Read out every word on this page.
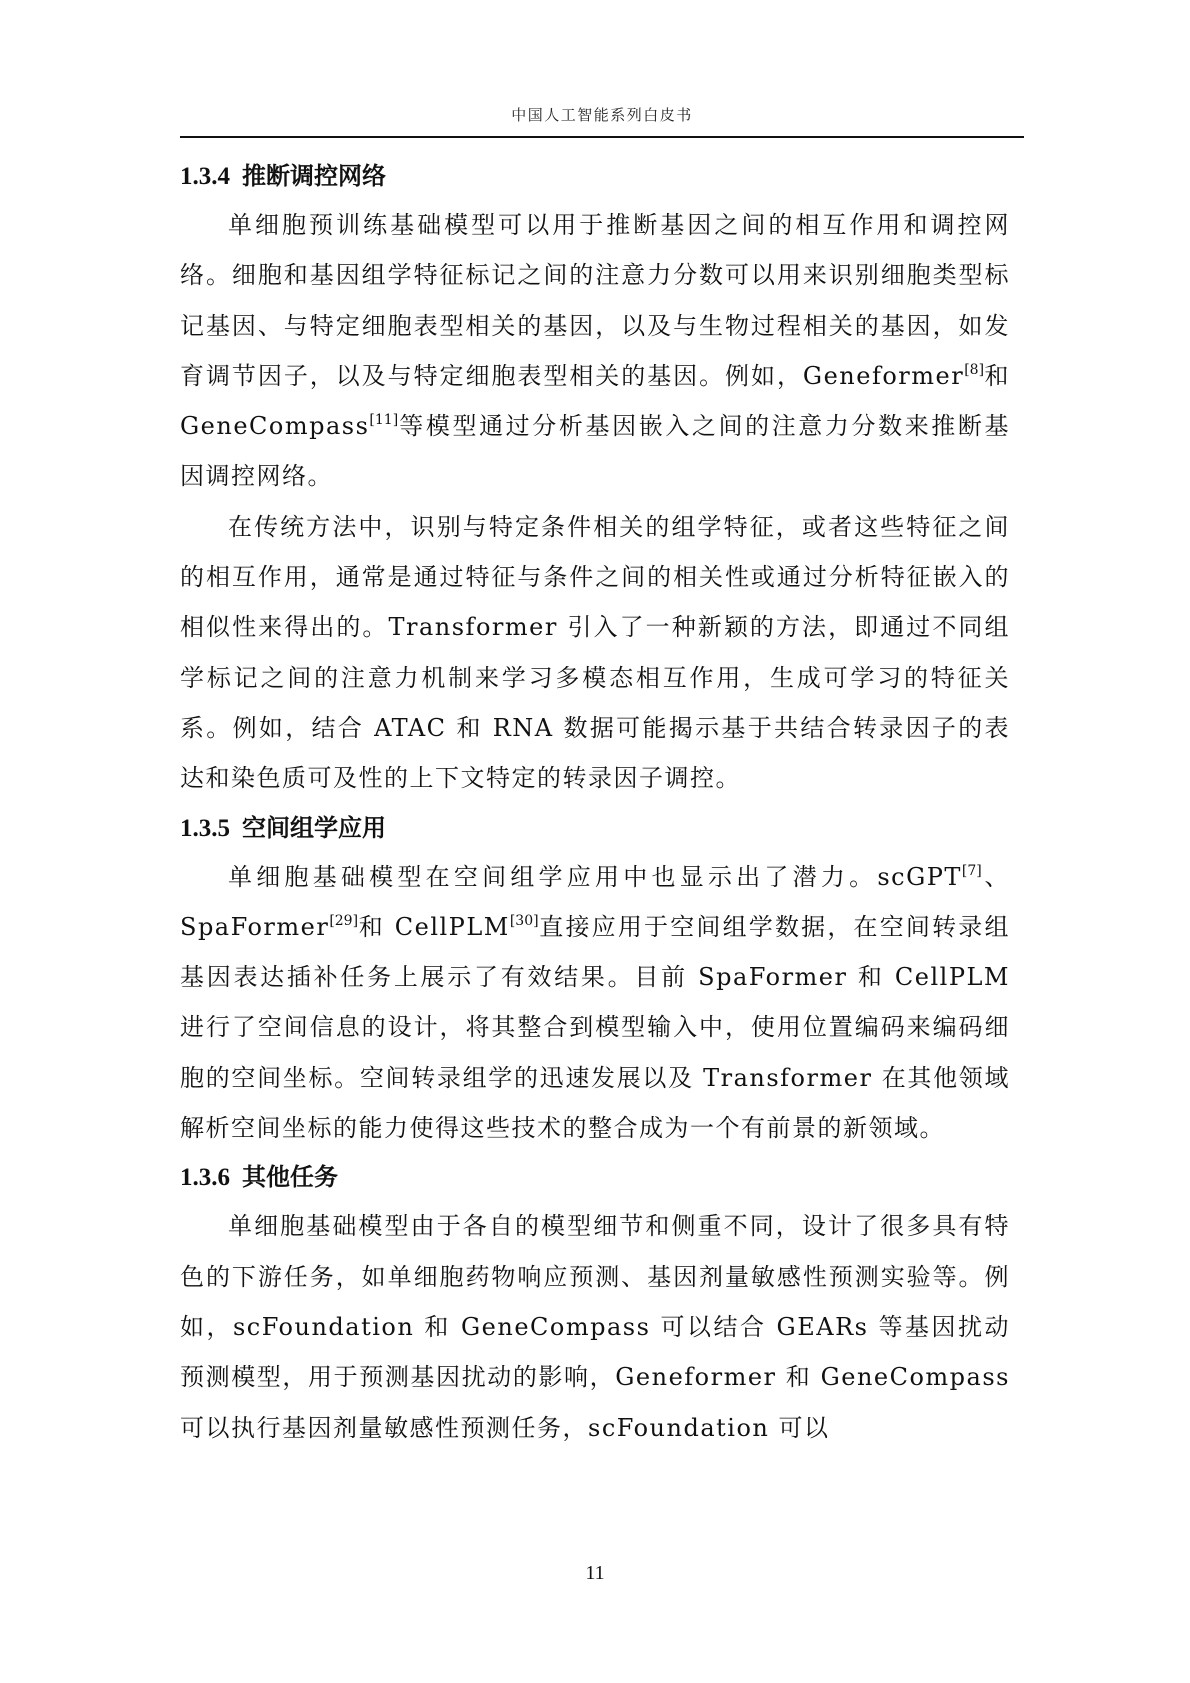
中国人工智能系列白皮书
1.3.4 推断调控网络

单细胞预训练基础模型可以用于推断基因之间的相互作用和调控网络。细胞和基因组学特征标记之间的注意力分数可以用来识别细胞类型标记基因、与特定细胞表型相关的基因，以及与生物过程相关的基因，如发育调节因子，以及与特定细胞表型相关的基因。例如，Geneformer[8]和 GeneCompass[11]等模型通过分析基因嵌入之间的注意力分数来推断基因调控网络。

在传统方法中，识别与特定条件相关的组学特征，或者这些特征之间的相互作用，通常是通过特征与条件之间的相关性或通过分析特征嵌入的相似性来得出的。Transformer 引入了一种新颖的方法，即通过不同组学标记之间的注意力机制来学习多模态相互作用，生成可学习的特征关系。例如，结合 ATAC 和 RNA 数据可能揭示基于共结合转录因子的表达和染色质可及性的上下文特定的转录因子调控。

1.3.5 空间组学应用

单细胞基础模型在空间组学应用中也显示出了潜力。scGPT[7]、SpaFormer[29]和 CellPLM[30]直接应用于空间组学数据，在空间转录组基因表达插补任务上展示了有效结果。目前 SpaFormer 和 CellPLM 进行了空间信息的设计，将其整合到模型输入中，使用位置编码来编码细胞的空间坐标。空间转录组学的迅速发展以及 Transformer 在其他领域解析空间坐标的能力使得这些技术的整合成为一个有前景的新领域。

1.3.6 其他任务

单细胞基础模型由于各自的模型细节和侧重不同，设计了很多具有特色的下游任务，如单细胞药物响应预测、基因剂量敏感性预测实验等。例如，scFoundation 和 GeneCompass 可以结合 GEARs 等基因扰动预测模型，用于预测基因扰动的影响，Geneformer 和 GeneCompass 可以执行基因剂量敏感性预测任务，scFoundation 可以

11
